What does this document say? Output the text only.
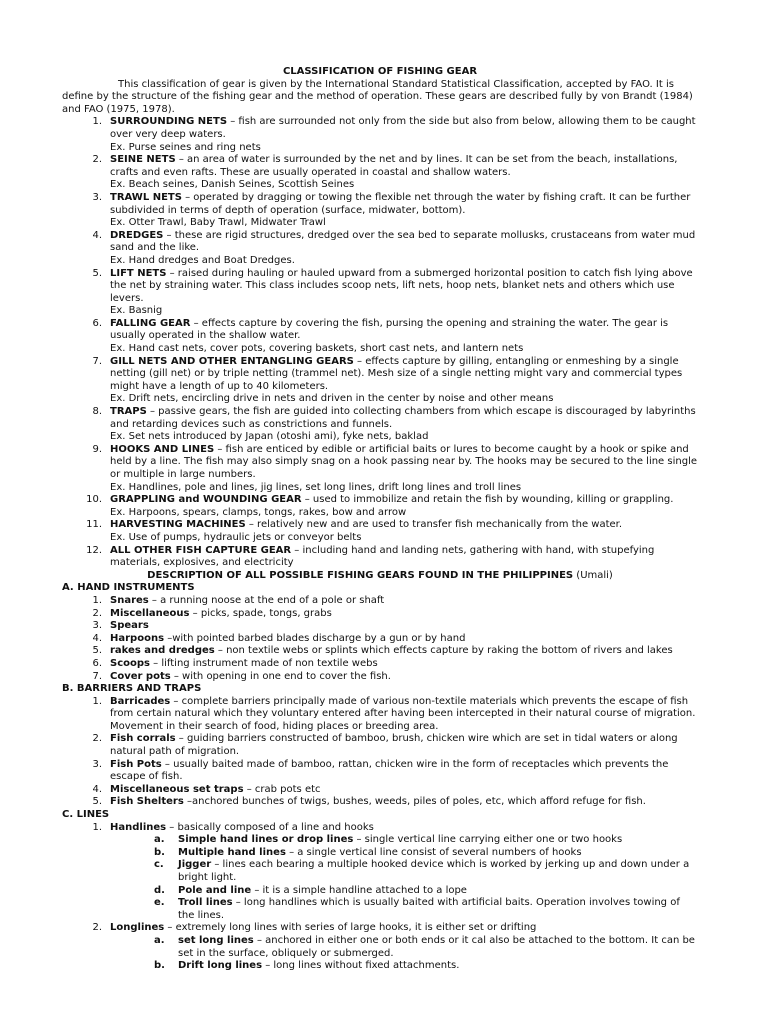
CLASSIFICATION OF FISHING GEAR

This classification of gear is given by the International Standard Statistical Classification, accepted by FAO. It is define by the structure of the fishing gear and the method of operation. These gears are described fully by von Brandt (1984) and FAO (1975, 1978).

1. SURROUNDING NETS – fish are surrounded not only from the side but also from below, allowing them to be caught over very deep waters.
Ex. Purse seines and ring nets
2. SEINE NETS – an area of water is surrounded by the net and by lines. It can be set from the beach, installations, crafts and even rafts. These are usually operated in coastal and shallow waters.
Ex. Beach seines, Danish Seines, Scottish Seines
3. TRAWL NETS – operated by dragging or towing the flexible net through the water by fishing craft. It can be further subdivided in terms of depth of operation (surface, midwater, bottom).
Ex. Otter Trawl, Baby Trawl, Midwater Trawl
4. DREDGES – these are rigid structures, dredged over the sea bed to separate mollusks, crustaceans from water mud sand and the like.
Ex. Hand dredges and Boat Dredges.
5. LIFT NETS – raised during hauling or hauled upward from a submerged horizontal position to catch fish lying above the net by straining water. This class includes scoop nets, lift nets, hoop nets, blanket nets and others which use levers.
Ex. Basnig
6. FALLING GEAR – effects capture by covering the fish, pursing the opening and straining the water. The gear is usually operated in the shallow water.
Ex. Hand cast nets, cover pots, covering baskets, short cast nets, and lantern nets
7. GILL NETS AND OTHER ENTANGLING GEARS – effects capture by gilling, entangling or enmeshing by a single netting (gill net) or by triple netting (trammel net). Mesh size of a single netting might vary and commercial types might have a length of up to 40 kilometers.
Ex. Drift nets, encircling drive in nets and driven in the center by noise and other means
8. TRAPS – passive gears, the fish are guided into collecting chambers from which escape is discouraged by labyrinths and retarding devices such as constrictions and funnels.
Ex. Set nets introduced by Japan (otoshi ami), fyke nets, baklad
9. HOOKS AND LINES – fish are enticed by edible or artificial baits or lures to become caught by a hook or spike and held by a line. The fish may also simply snag on a hook passing near by. The hooks may be secured to the line single or multiple in large numbers.
Ex. Handlines, pole and lines, jig lines, set long lines, drift long lines and troll lines
10. GRAPPLING and WOUNDING GEAR – used to immobilize and retain the fish by wounding, killing or grappling.
Ex. Harpoons, spears, clamps, tongs, rakes, bow and arrow
11. HARVESTING MACHINES – relatively new and are used to transfer fish mechanically from the water.
Ex. Use of pumps, hydraulic jets or conveyor belts
12. ALL OTHER FISH CAPTURE GEAR – including hand and landing nets, gathering with hand, with stupefying materials, explosives, and electricity

DESCRIPTION OF ALL POSSIBLE FISHING GEARS FOUND IN THE PHILIPPINES (Umali)

A. HAND INSTRUMENTS

1. Snares – a running noose at the end of a pole or shaft
2. Miscellaneous – picks, spade, tongs, grabs
3. Spears
4. Harpoons –with pointed barbed blades discharge by a gun or by hand
5. rakes and dredges – non textile webs or splints which effects capture by raking the bottom of rivers and lakes
6. Scoops – lifting instrument made of non textile webs
7. Cover pots – with opening in one end to cover the fish.

B. BARRIERS AND TRAPS

1. Barricades – complete barriers principally made of various non-textile materials which prevents the escape of fish from certain natural which they voluntary entered after having been intercepted in their natural course of migration. Movement in their search of food, hiding places or breeding area.
2. Fish corrals – guiding barriers constructed of bamboo, brush, chicken wire which are set in tidal waters or along natural path of migration.
3. Fish Pots – usually baited made of bamboo, rattan, chicken wire in the form of receptacles which prevents the escape of fish.
4. Miscellaneous set traps – crab pots etc
5. Fish Shelters –anchored bunches of twigs, bushes, weeds, piles of poles, etc, which afford refuge for fish.

C. LINES

1. Handlines – basically composed of a line and hooks
a. Simple hand lines or drop lines – single vertical line carrying either one or two hooks
b. Multiple hand lines – a single vertical line consist of several numbers of hooks
c. Jigger – lines each bearing a multiple hooked device which is worked by jerking up and down under a bright light.
d. Pole and line – it is a simple handline attached to a lope
e. Troll lines – long handlines which is usually baited with artificial baits. Operation involves towing of the lines.
2. Longlines – extremely long lines with series of large hooks, it is either set or drifting
a. set long lines – anchored in either one or both ends or it cal also be attached to the bottom. It can be set in the surface, obliquely or submerged.
b. Drift long lines – long lines without fixed attachments.
